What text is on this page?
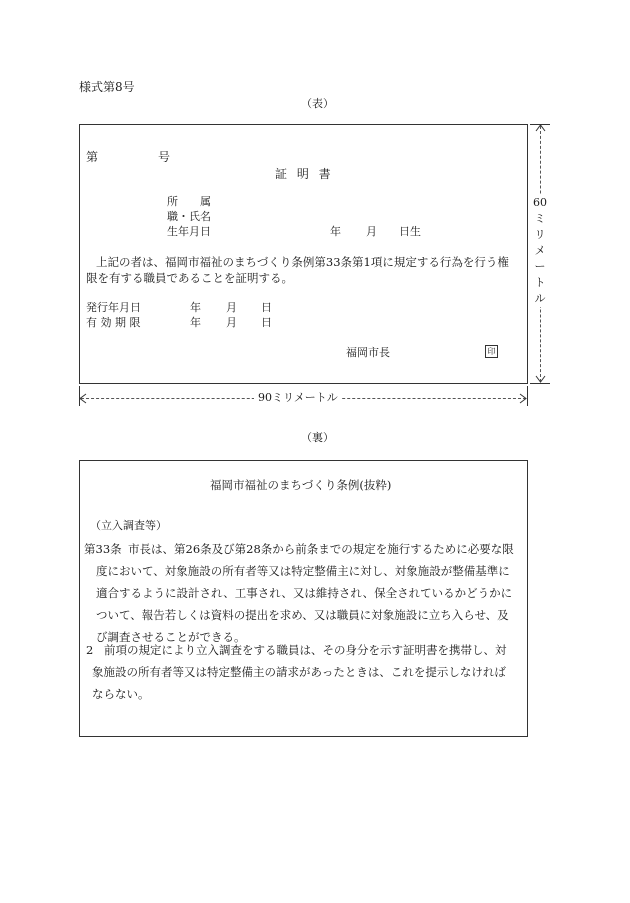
様式第8号
（表）
第	号
証 明 書
所　　属
職・氏名
生年月日	年 月 日生
上記の者は、福岡市福祉のまちづくり条例第33条第1項に規定する行為を行う権
限を有する職員であることを証明する。
発行年月日	年 月 日
有 効 期 限	年 月 日
福岡市長	印
60
ミ
リ
メ
ー
ト
ル
90ミリメートル
（裏）
福岡市福祉のまちづくり条例(抜粋)
（立入調査等）
第33条 市長は、第26条及び第28条から前条までの規定を施行するために必要な限
度において、対象施設の所有者等又は特定整備主に対し、対象施設が整備基準に
適合するように設計され、工事され、又は維持され、保全されているかどうかに
ついて、報告若しくは資料の提出を求め、又は職員に対象施設に立ち入らせ、及
び調査させることができる。
2 前項の規定により立入調査をする職員は、その身分を示す証明書を携帯し、対
象施設の所有者等又は特定整備主の請求があったときは、これを提示しなければ
ならない。
